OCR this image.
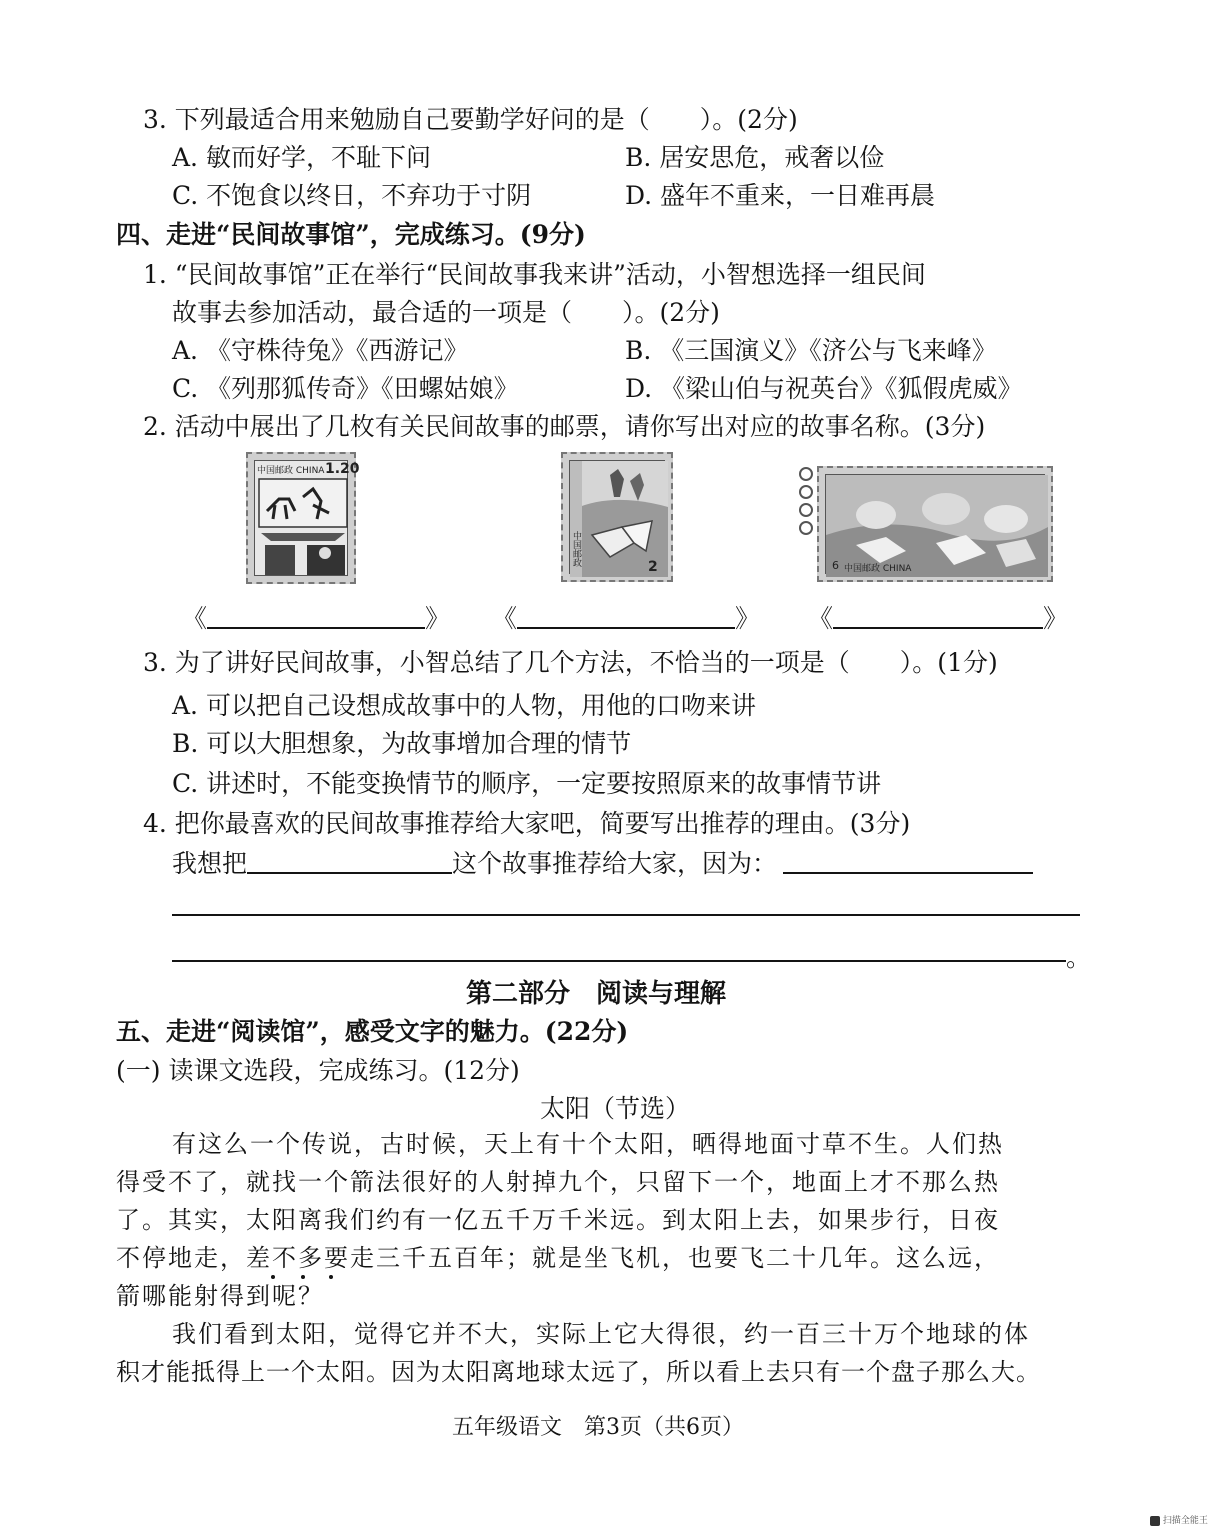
3. 下列最适合用来勉励自己要勤学好问的是（　　）。(2分)
A. 敏而好学，不耻下问	B. 居安思危，戒奢以俭
C. 不饱食以终日，不弃功于寸阴	D. 盛年不重来，一日难再晨
四、走进“民间故事馆”，完成练习。(9分)
1. “民间故事馆”正在举行“民间故事我来讲”活动，小智想选择一组民间
故事去参加活动，最合适的一项是（　　）。(2分)
A. 《守株待兔》《西游记》	B. 《三国演义》《济公与飞来峰》
C. 《列那狐传奇》《田螺姑娘》	D. 《梁山伯与祝英台》《狐假虎威》
2. 活动中展出了几枚有关民间故事的邮票，请你写出对应的故事名称。(3分)
中国邮政 CHINA 1.20
中国邮政	2	6 中国邮政 CHINA
《	》 《	》 《	》
3. 为了讲好民间故事，小智总结了几个方法，不恰当的一项是（　　）。(1分)
A. 可以把自己设想成故事中的人物，用他的口吻来讲
B. 可以大胆想象，为故事增加合理的情节
C. 讲述时，不能变换情节的顺序，一定要按照原来的故事情节讲
4. 把你最喜欢的民间故事推荐给大家吧，简要写出推荐的理由。(3分)
我想把	这个故事推荐给大家，因为：
。
第二部分　阅读与理解
五、走进“阅读馆”，感受文字的魅力。(22分)
(一) 读课文选段，完成练习。(12分)
太阳（节选）
有这么一个传说，古时候，天上有十个太阳，晒得地面寸草不生。人们热
得受不了，就找一个箭法很好的人射掉九个，只留下一个，地面上才不那么热
了。其实，太阳离我们约有一亿五千万千米远。到太阳上去，如果步行，日夜
不停地走，差不多要走三千五百年；就是坐飞机，也要飞二十几年。这么远，
箭哪能射得到呢？
我们看到太阳，觉得它并不大，实际上它大得很，约一百三十万个地球的体
积才能抵得上一个太阳。因为太阳离地球太远了，所以看上去只有一个盘子那么大。
五年级语文　第3页（共6页）
扫描全能王
